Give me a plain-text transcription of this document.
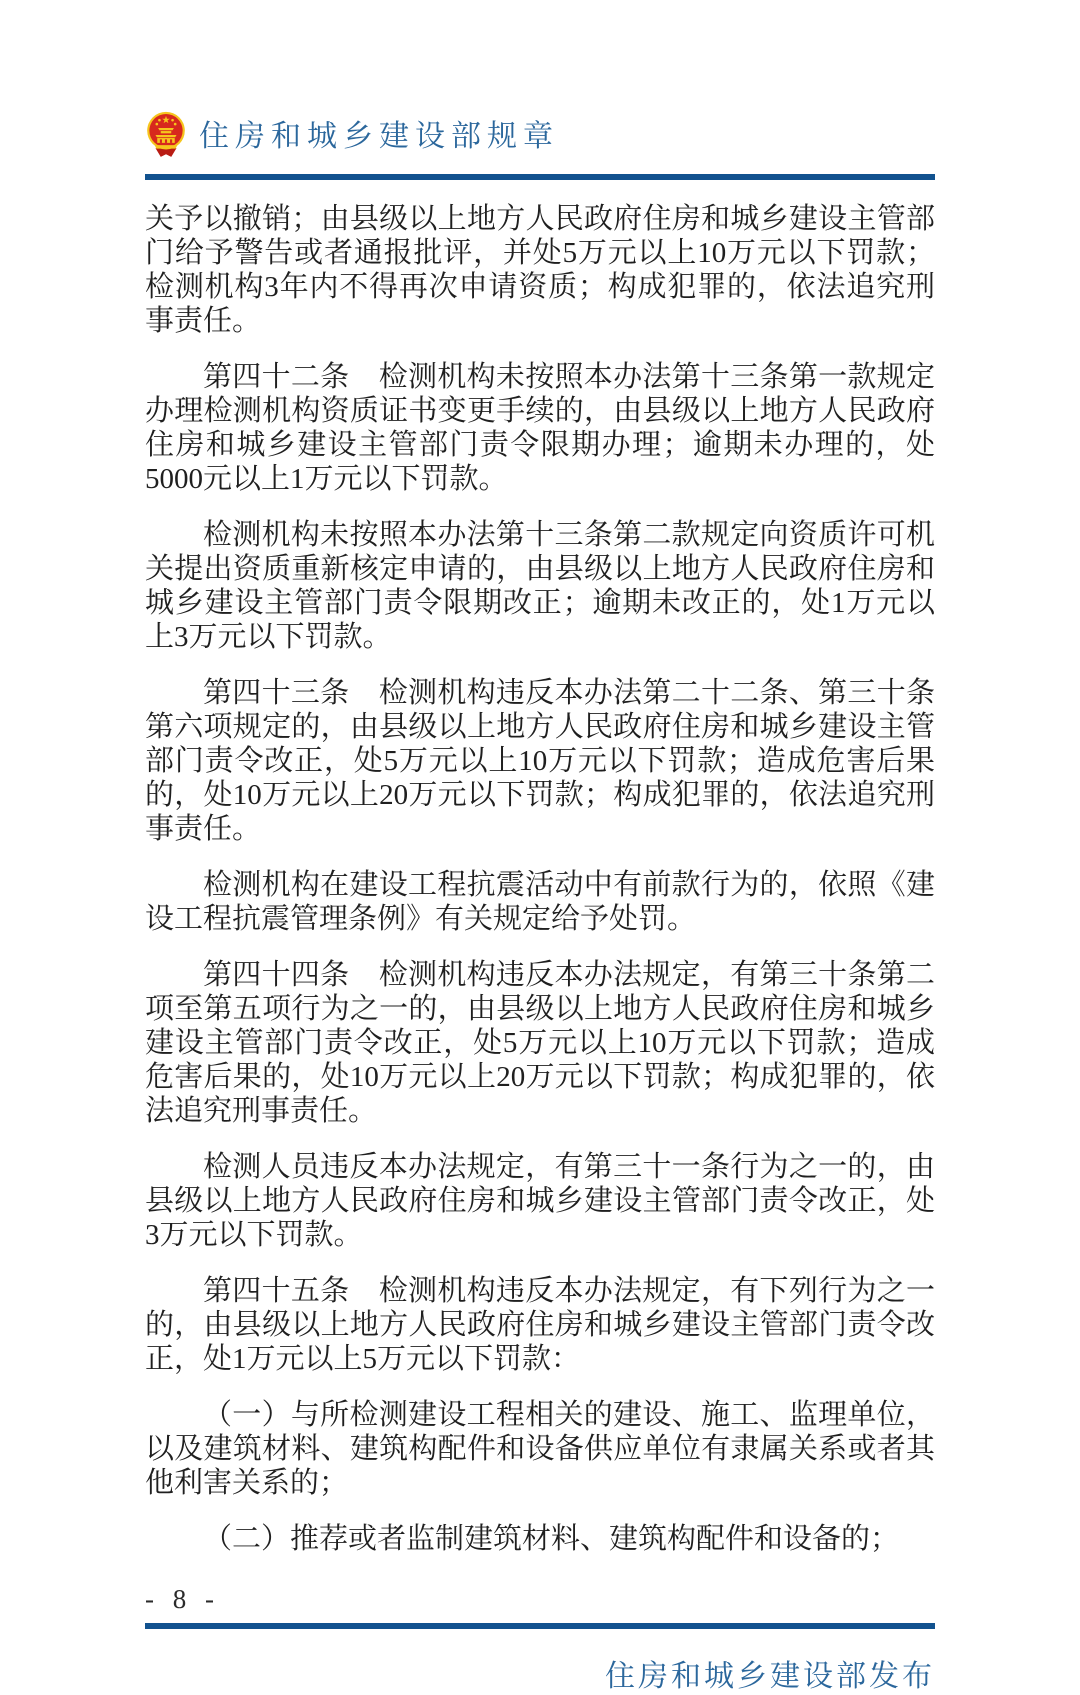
住房和城乡建设部规章

关予以撤销；由县级以上地方人民政府住房和城乡建设主管部门给予警告或者通报批评，并处5万元以上10万元以下罚款；检测机构3年内不得再次申请资质；构成犯罪的，依法追究刑事责任。

第四十二条　检测机构未按照本办法第十三条第一款规定办理检测机构资质证书变更手续的，由县级以上地方人民政府住房和城乡建设主管部门责令限期办理；逾期未办理的，处5000元以上1万元以下罚款。

检测机构未按照本办法第十三条第二款规定向资质许可机关提出资质重新核定申请的，由县级以上地方人民政府住房和城乡建设主管部门责令限期改正；逾期未改正的，处1万元以上3万元以下罚款。

第四十三条　检测机构违反本办法第二十二条、第三十条第六项规定的，由县级以上地方人民政府住房和城乡建设主管部门责令改正，处5万元以上10万元以下罚款；造成危害后果的，处10万元以上20万元以下罚款；构成犯罪的，依法追究刑事责任。

检测机构在建设工程抗震活动中有前款行为的，依照《建设工程抗震管理条例》有关规定给予处罚。

第四十四条　检测机构违反本办法规定，有第三十条第二项至第五项行为之一的，由县级以上地方人民政府住房和城乡建设主管部门责令改正，处5万元以上10万元以下罚款；造成危害后果的，处10万元以上20万元以下罚款；构成犯罪的，依法追究刑事责任。

检测人员违反本办法规定，有第三十一条行为之一的，由县级以上地方人民政府住房和城乡建设主管部门责令改正，处3万元以下罚款。

第四十五条　检测机构违反本办法规定，有下列行为之一的，由县级以上地方人民政府住房和城乡建设主管部门责令改正，处1万元以上5万元以下罚款：

（一）与所检测建设工程相关的建设、施工、监理单位，以及建筑材料、建筑构配件和设备供应单位有隶属关系或者其他利害关系的；

（二）推荐或者监制建筑材料、建筑构配件和设备的；

- 8 -
住房和城乡建设部发布
